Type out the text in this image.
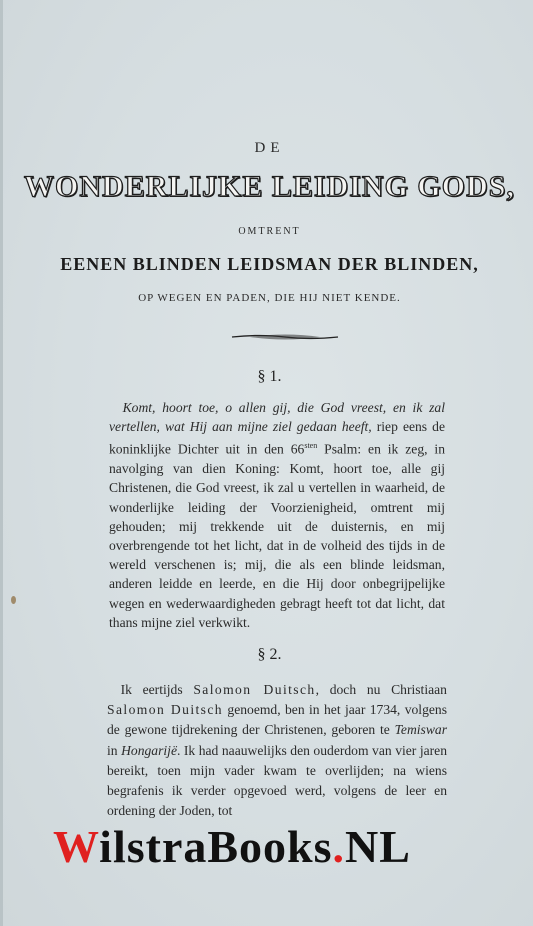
DE
WONDERLIJKE LEIDING GODS,
OMTRENT
EENEN BLINDEN LEIDSMAN DER BLINDEN,
OP WEGEN EN PADEN, DIE HIJ NIET KENDE.
§ 1.

 Komt, hoort toe, o allen gij, die God vreest, en ik zal vertellen, wat Hij aan mijne ziel gedaan heeft, riep eens de koninklijke Dichter uit in den $66^{sten}$ Psalm: en ik zeg, in navolging van dien Koning: Komt, hoort toe, alle gij Christenen, die God vreest, ik zal u vertellen in waarheid, de wonderlijke leiding der Voorzienigheid, omtrent mij gehouden; mij trekkende uit de duisternis, en mij overbrengende tot het licht, dat in de volheid des tijds in de wereld verschenen is; mij, die als een blinde leidsman, anderen leidde en leerde, en die Hij door onbegrijpelijke wegen en wederwaardigheden gebragt heeft tot dat licht, dat thans mijne ziel verkwikt.

§ 2.

 Ik eertijds Salomon Duitsch, doch nu Christiaan Salomon Duitsch genoemd, ben in het jaar 1734, volgens de gewone tijdrekening der Christenen, geboren te Temiswar in Hongarijë. Ik had naauwelijks den ouderdom van vier jaren bereikt, toen mijn vader kwam te overlijden; na wiens begrafenis ik verder opgevoed werd, volgens de leer en ordening der Joden, tot

WilstraBooks.NL
